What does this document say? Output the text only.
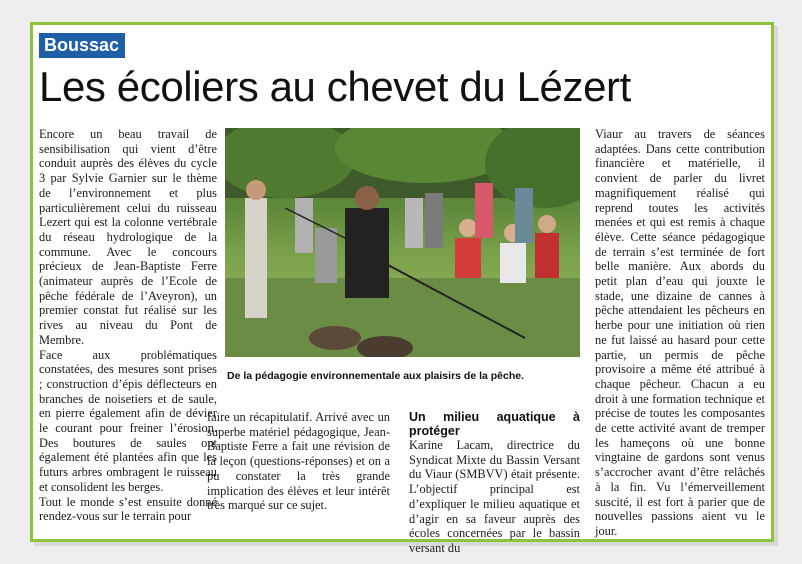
Boussac
Les écoliers au chevet du Lézert

Encore un beau travail de sensibilisation qui vient d’être conduit auprès des élèves du cycle 3 par Sylvie Garnier sur le thème de l’environnement et plus particulièrement celui du ruisseau Lezert qui est la colonne vertébrale du réseau hydrologique de la commune. Avec le concours précieux de Jean-Baptiste Ferre (animateur auprès de l’Ecole de pêche fédérale de l’Aveyron), un premier constat fut réalisé sur les rives au niveau du Pont de Membre.

Face aux problématiques constatées, des mesures sont prises ; construction d’épis déflecteurs en branches de noisetiers et de saule, en pierre également afin de dévier le courant pour freiner l’érosion. Des boutures de saules ont également été plantées afin que les futurs arbres ombragent le ruisseau et consolident les berges.

Tout le monde s’est ensuite donné rendez-vous sur le terrain pour

De la pédagogie environnementale aux plaisirs de la pêche.

faire un récapitulatif. Arrivé avec un superbe matériel pédagogique, Jean-Baptiste Ferre a fait une révision de la leçon (questions-réponses) et on a pu constater la très grande implication des élèves et leur intérêt très marqué sur ce sujet.

Un milieu aquatique à protéger

Karine Lacam, directrice du Syndicat Mixte du Bassin Versant du Viaur (SMBVV) était présente. L’objectif principal est d’expliquer le milieu aquatique et d’agir en sa faveur auprès des écoles concernées par le bassin versant du

Viaur au travers de séances adaptées. Dans cette contribution financière et matérielle, il convient de parler du livret magnifiquement réalisé qui reprend toutes les activités menées et qui est remis à chaque élève. Cette séance pédagogique de terrain s’est terminée de fort belle manière. Aux abords du petit plan d’eau qui jouxte le stade, une dizaine de cannes à pêche attendaient les pêcheurs en herbe pour une initiation où rien ne fut laissé au hasard pour cette partie, un permis de pêche provisoire a même été attribué à chaque pêcheur. Chacun a eu droit à une formation technique et précise de toutes les composantes de cette activité avant de tremper les hameçons où une bonne vingtaine de gardons sont venus s’accrocher avant d’être relâchés à la fin. Vu l’émerveillement suscité, il est fort à parier que de nouvelles passions aient vu le jour.
